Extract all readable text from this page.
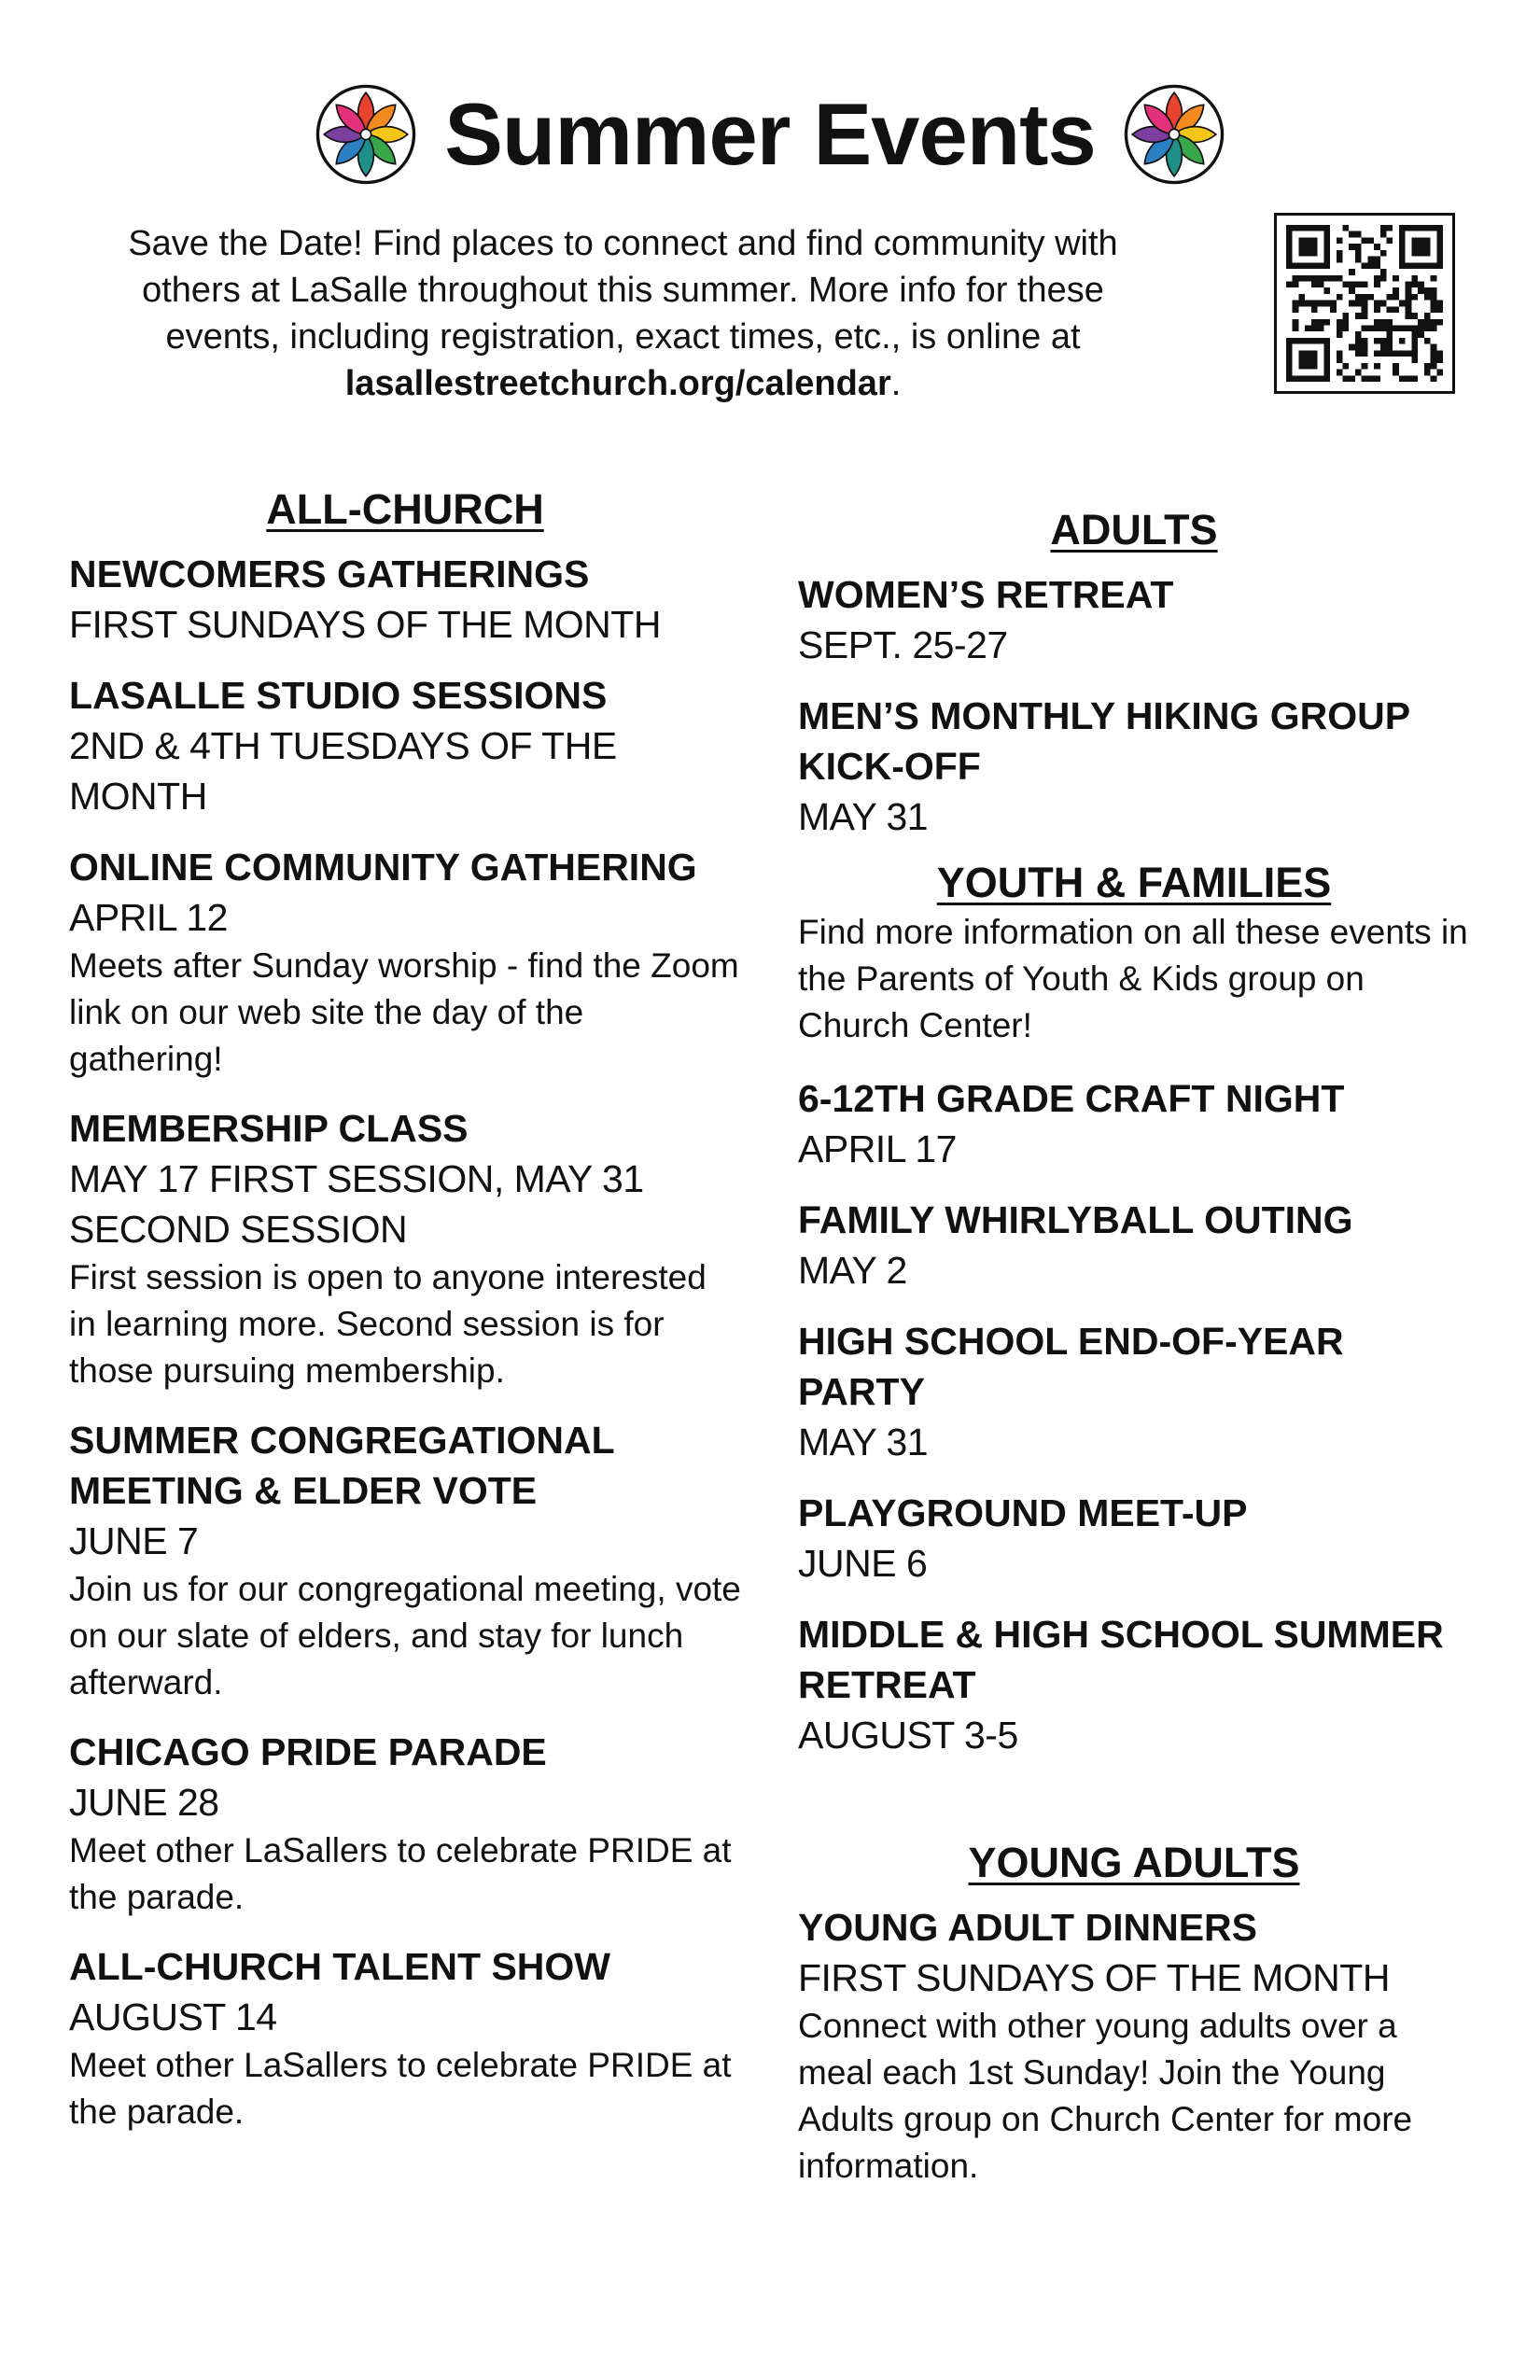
Summer Events
Save the Date! Find places to connect and find community with others at LaSalle throughout this summer. More info for these events, including registration, exact times, etc., is online at lasallestreetchurch.org/calendar.
ALL-CHURCH
NEWCOMERS GATHERINGS
FIRST SUNDAYS OF THE MONTH
LASALLE STUDIO SESSIONS
2ND & 4TH TUESDAYS OF THE MONTH
ONLINE COMMUNITY GATHERING
APRIL 12
Meets after Sunday worship - find the Zoom link on our web site the day of the gathering!
MEMBERSHIP CLASS
MAY 17 FIRST SESSION, MAY 31 SECOND SESSION
First session is open to anyone interested in learning more. Second session is for those pursuing membership.
SUMMER CONGREGATIONAL MEETING & ELDER VOTE
JUNE 7
Join us for our congregational meeting, vote on our slate of elders, and stay for lunch afterward.
CHICAGO PRIDE PARADE
JUNE 28
Meet other LaSallers to celebrate PRIDE at the parade.
ALL-CHURCH TALENT SHOW
AUGUST 14
Meet other LaSallers to celebrate PRIDE at the parade.
ADULTS
WOMEN’S RETREAT
SEPT. 25-27
MEN’S MONTHLY HIKING GROUP KICK-OFF
MAY 31
YOUTH & FAMILIES
Find more information on all these events in the Parents of Youth & Kids group on Church Center!
6-12TH GRADE CRAFT NIGHT
APRIL 17
FAMILY WHIRLYBALL OUTING
MAY 2
HIGH SCHOOL END-OF-YEAR PARTY
MAY 31
PLAYGROUND MEET-UP
JUNE 6
MIDDLE & HIGH SCHOOL SUMMER RETREAT
AUGUST 3-5
YOUNG ADULTS
YOUNG ADULT DINNERS
FIRST SUNDAYS OF THE MONTH
Connect with other young adults over a meal each 1st Sunday! Join the Young Adults group on Church Center for more information.
